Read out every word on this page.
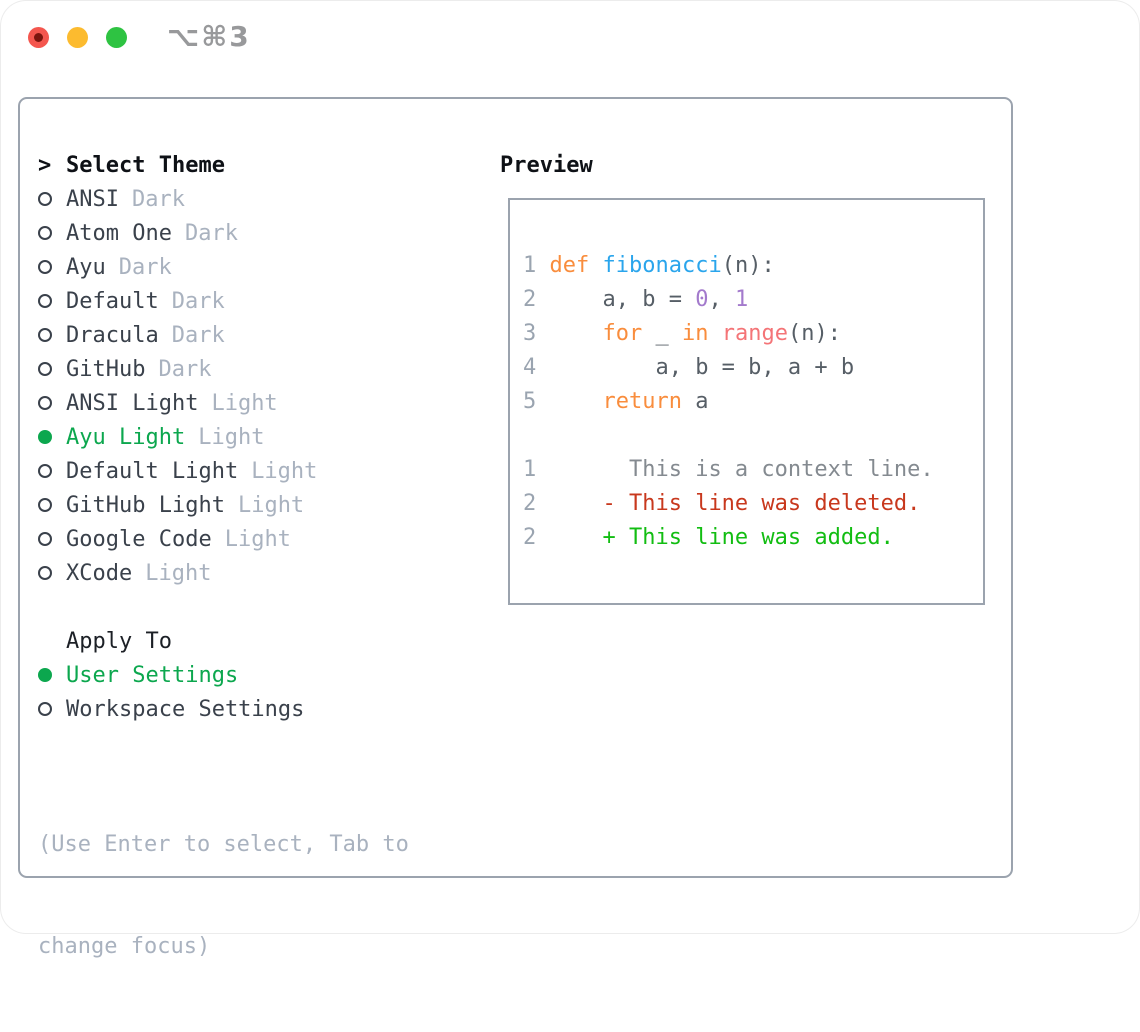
⌥⌘3
> Select Theme
ANSI Dark
Atom One Dark
Ayu Dark
Default Dark
Dracula Dark
GitHub Dark
ANSI Light Light
Ayu Light Light
Default Light Light
GitHub Light Light
Google Code Light
XCode Light
Apply To
User Settings
Workspace Settings

(Use Enter to select, Tab to

change focus)

Preview
1 def fibonacci(n):
2     a, b = 0, 1
3     for _ in range(n):
4         a, b = b, a + b
5     return a
1       This is a context line.
2     - This line was deleted.
2     + This line was added.
